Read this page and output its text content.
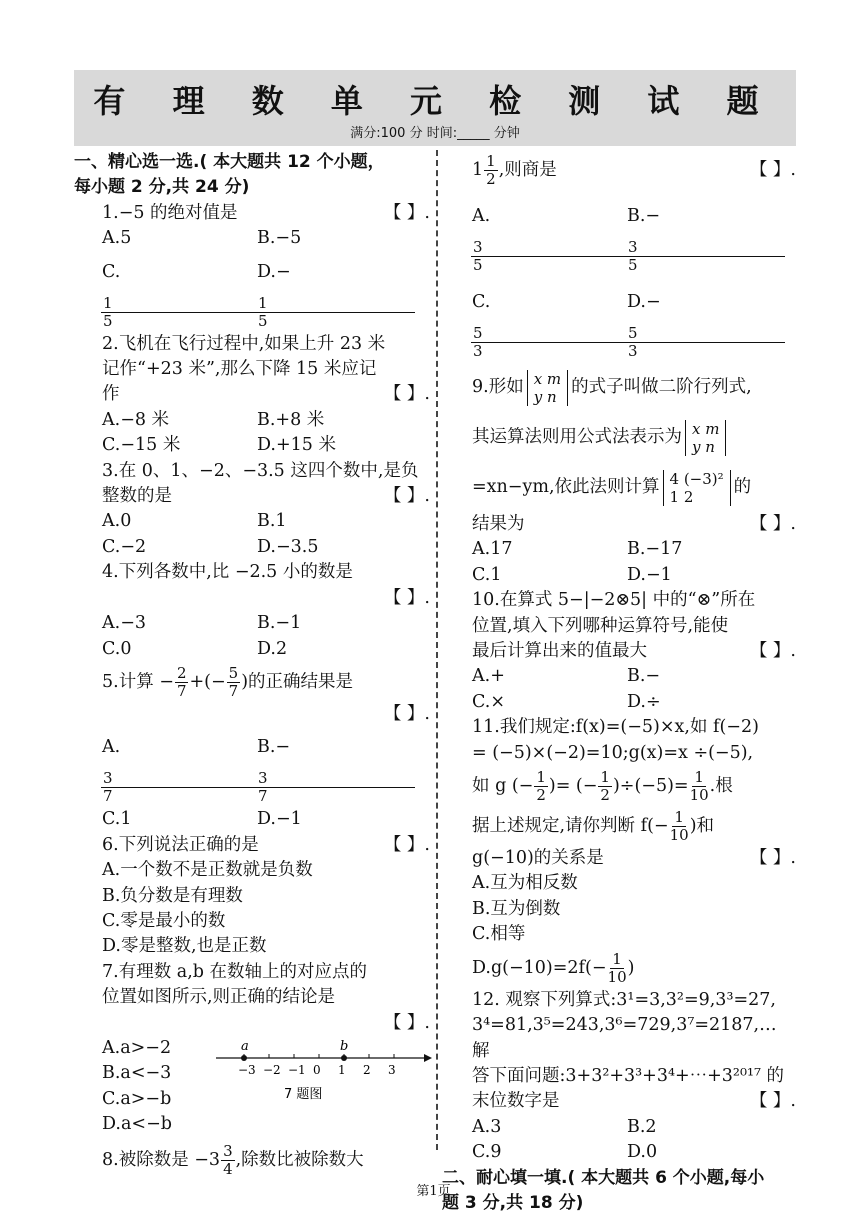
有 理 数 单 元 检 测 试 题
满分:100 分 时间:_____ 分钟
一、精心选一选.( 本大题共 12 个小题，
每小题 2 分,共 24 分)
1.−5 的绝对值是	【 】.
A.5	B.−5
C.
$\frac{1}{5}$
D.−
$\frac{1}{5}$
2.飞机在飞行过程中,如果上升 23 米
记作“+23 米”,那么下降 15 米应记
作	【 】.
A.−8 米	B.+8 米
C.−15 米	D.+15 米
3.在 0、1、−2、−3.5 这四个数中,是负
整数的是	【 】.
A.0	B.1
C.−2	D.−3.5
4.下列各数中,比 −2.5 小的数是
【 】.
A.−3	B.−1
C.0	D.2
5.计算 − $\frac{2}{7}$ +(− $\frac{5}{7}$ )的正确结果是
【 】.
A.
$\frac{3}{7}$
B.−
$\frac{3}{7}$
C.1	D.−1
6.下列说法正确的是	【 】.
A.一个数不是正数就是负数
B.负分数是有理数
C.零是最小的数
D.零是整数,也是正数
7.有理数 a,b 在数轴上的对应点的
位置如图所示,则正确的结论是
【 】.
A.a>−2
B.a<−3
C.a>−b
D.a<−b
−3 −2 −1 0 1 2 3
a	b
7 题图
8.被除数是 $-3 \frac{3}{4}$ ,除数比被除数大
$1 \frac{1}{2}$ ,则商是	【 】.
A.
$\frac{3}{5}$
B.−
$\frac{3}{5}$
C.
$\frac{5}{3}$
D.−
$\frac{5}{3}$
9.形如 x m
y n 的式子叫做二阶行列式,
其运算法则用公式法表示为 x m
y n
=xn−ym,依此法则计算 4 (−3)²
1 2	的
结果为	【 】.
A.17	B.−17
C.1	D.−1
10.在算式 5−|−2⊗5| 中的“⊗”所在
位置,填入下列哪种运算符号,能使
最后计算出来的值最大	【 】.
A.+	B.−
C.×	D.÷
11.我们规定:f(x)=(−5)×x,如 f(−2)
= (−5)×(−2)=10;g(x)=x ÷(−5),
如 g (− $\frac{1}{2}$ )= (− $\frac{1}{2} )\div(-5)= \frac{1}{10}$ .根
据上述规定,请你判断 $f(- \frac{1}{10}$ )和
g(−10)的关系是	【 】.
A.互为相反数
B.互为倒数
C.相等
$D.g(-10)=2f(- \frac{1}{10}$ )
12. 观察下列算式:3¹=3,3²=9,3³=27,
3⁴=81,3⁵=243,3⁶=729,3⁷=2187,… 解
答下面问题:3+3²+3³+3⁴+⋯+3²⁰¹⁷ 的
末位数字是	【 】.
A.3	B.2
C.9	D.0
二、耐心填一填.( 本大题共 6 个小题,每小
题 3 分,共 18 分)
第1页
